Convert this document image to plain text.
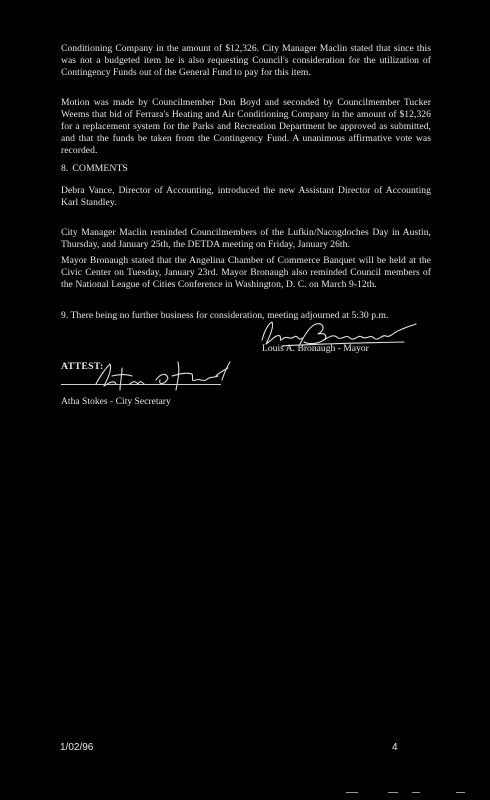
Conditioning Company in the amount of $12,326. City Manager Maclin stated that since this was not a budgeted item he is also requesting Council's consideration for the utilization of Contingency Funds out of the General Fund to pay for this item.

Motion was made by Councilmember Don Boyd and seconded by Councilmember Tucker Weems that bid of Ferrara's Heating and Air Conditioning Company in the amount of $12,326 for a replacement system for the Parks and Recreation Department be approved as submitted, and that the funds be taken from the Contingency Fund. A unanimous affirmative vote was recorded.

8. COMMENTS

Debra Vance, Director of Accounting, introduced the new Assistant Director of Accounting Karl Standley.

City Manager Maclin reminded Councilmembers of the Lufkin/Nacogdoches Day in Austin, Thursday, and January 25th, the DETDA meeting on Friday, January 26th.

Mayor Bronaugh stated that the Angelina Chamber of Commerce Banquet will be held at the Civic Center on Tuesday, January 23rd. Mayor Bronaugh also reminded Council members of the National League of Cities Conference in Washington, D. C. on March 9-12th.

9. There being no further business for consideration, meeting adjourned at 5:30 p.m.

Louis A. Bronaugh - Mayor

ATTEST:

Atha Stokes - City Secretary

1/02/96	4
